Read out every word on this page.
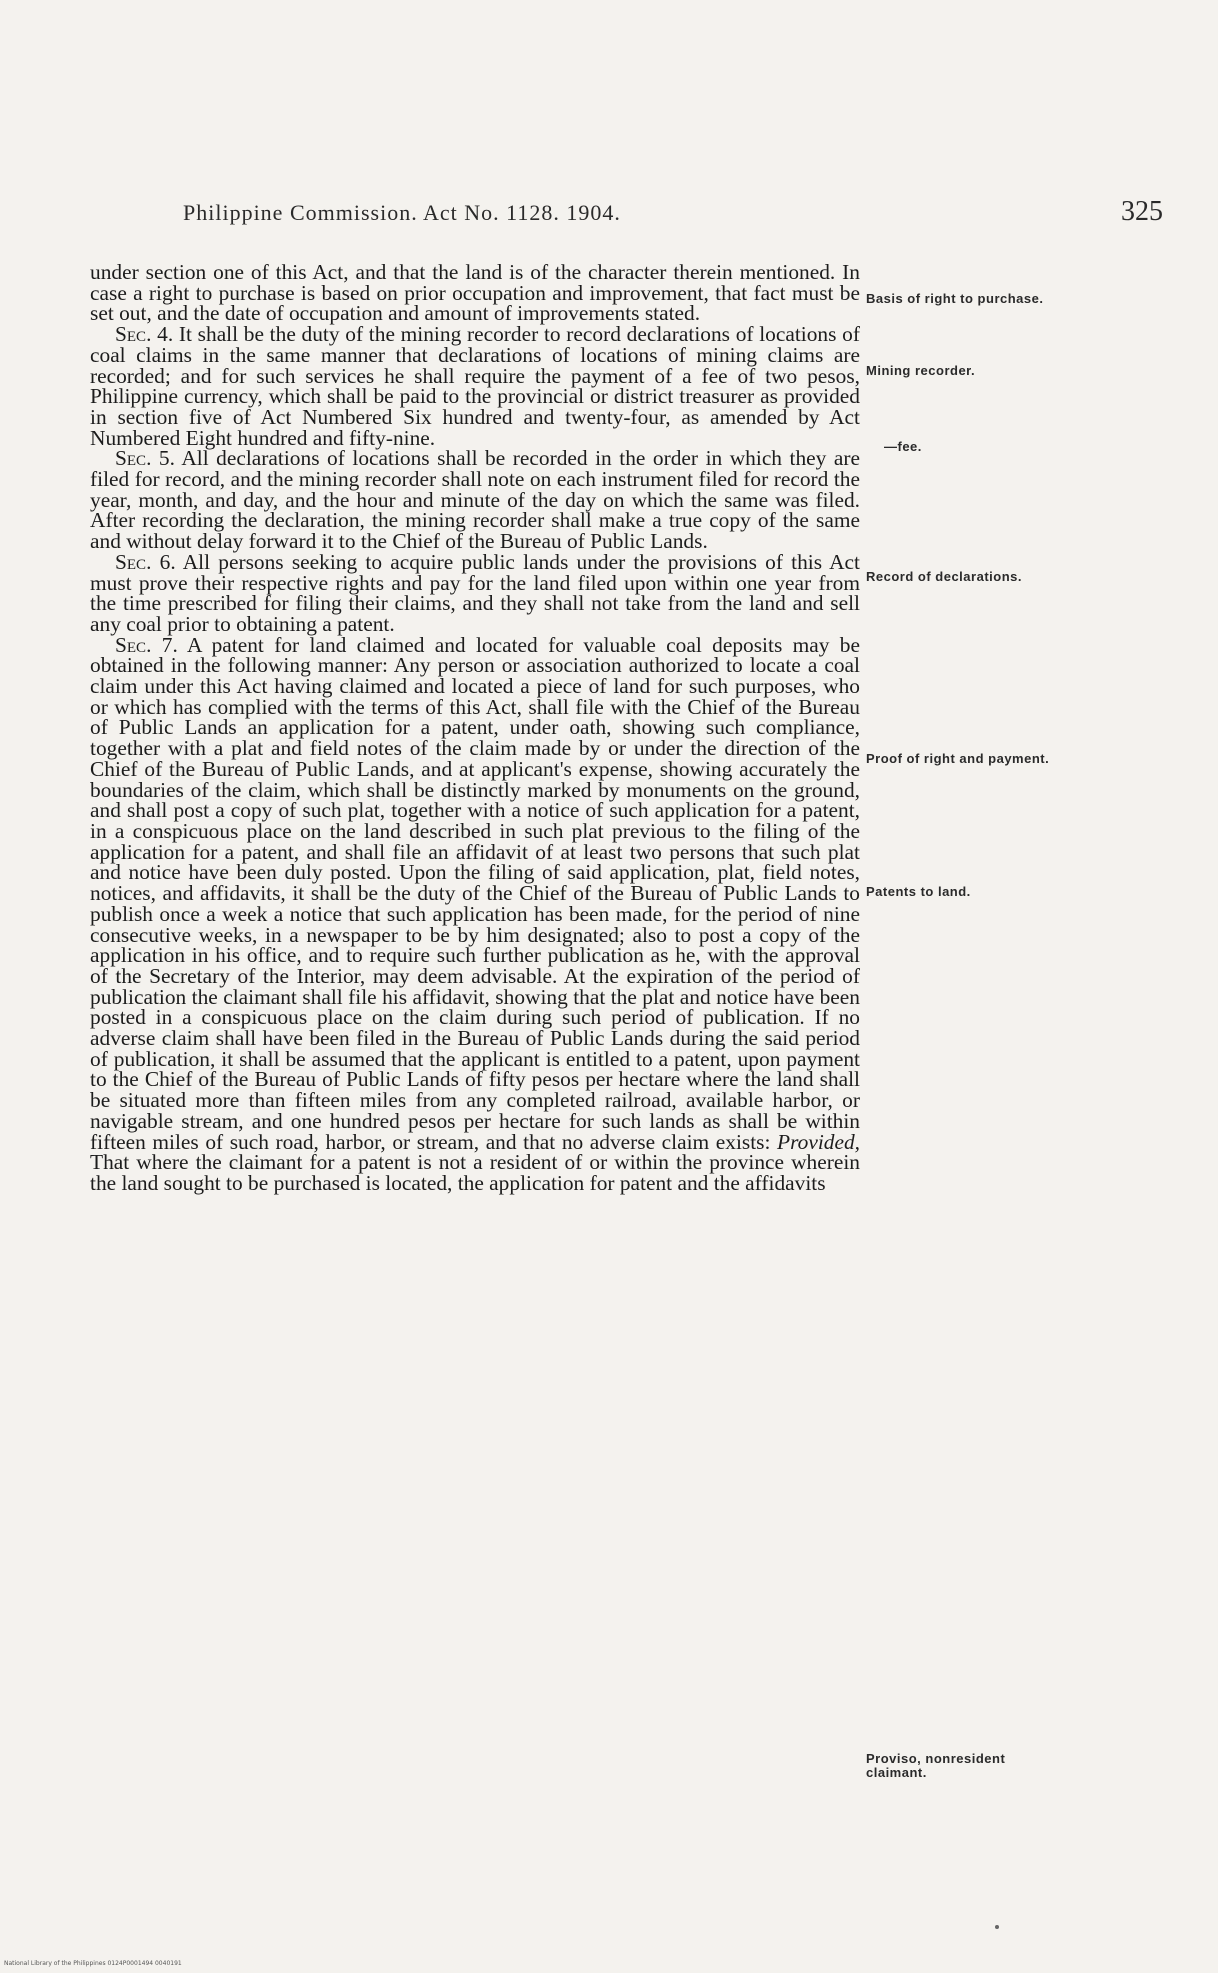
Philippine Commission. Act No. 1128. 1904.	325

under section one of this Act, and that the land is of the character therein mentioned. In case a right to purchase is based on prior occupation and improvement, that fact must be set out, and the date of occupation and amount of improvements stated.

Sec. 4. It shall be the duty of the mining recorder to record declarations of locations of coal claims in the same manner that declarations of locations of mining claims are recorded; and for such services he shall require the payment of a fee of two pesos, Philippine currency, which shall be paid to the provincial or district treasurer as provided in section five of Act Numbered Six hundred and twenty-four, as amended by Act Numbered Eight hundred and fifty-nine.

Sec. 5. All declarations of locations shall be recorded in the order in which they are filed for record, and the mining recorder shall note on each instrument filed for record the year, month, and day, and the hour and minute of the day on which the same was filed. After recording the declaration, the mining recorder shall make a true copy of the same and without delay forward it to the Chief of the Bureau of Public Lands.

Sec. 6. All persons seeking to acquire public lands under the provisions of this Act must prove their respective rights and pay for the land filed upon within one year from the time prescribed for filing their claims, and they shall not take from the land and sell any coal prior to obtaining a patent.

Sec. 7. A patent for land claimed and located for valuable coal deposits may be obtained in the following manner: Any person or association authorized to locate a coal claim under this Act having claimed and located a piece of land for such purposes, who or which has complied with the terms of this Act, shall file with the Chief of the Bureau of Public Lands an application for a patent, under oath, showing such compliance, together with a plat and field notes of the claim made by or under the direction of the Chief of the Bureau of Public Lands, and at applicant's expense, showing accurately the boundaries of the claim, which shall be distinctly marked by monuments on the ground, and shall post a copy of such plat, together with a notice of such application for a patent, in a conspicuous place on the land described in such plat previous to the filing of the application for a patent, and shall file an affidavit of at least two persons that such plat and notice have been duly posted. Upon the filing of said application, plat, field notes, notices, and affidavits, it shall be the duty of the Chief of the Bureau of Public Lands to publish once a week a notice that such application has been made, for the period of nine consecutive weeks, in a newspaper to be by him designated; also to post a copy of the application in his office, and to require such further publication as he, with the approval of the Secretary of the Interior, may deem advisable. At the expiration of the period of publication the claimant shall file his affidavit, showing that the plat and notice have been posted in a conspicuous place on the claim during such period of publication. If no adverse claim shall have been filed in the Bureau of Public Lands during the said period of publication, it shall be assumed that the applicant is entitled to a patent, upon payment to the Chief of the Bureau of Public Lands of fifty pesos per hectare where the land shall be situated more than fifteen miles from any completed railroad, available harbor, or navigable stream, and one hundred pesos per hectare for such lands as shall be within fifteen miles of such road, harbor, or stream, and that no adverse claim exists: Provided, That where the claimant for a patent is not a resident of or within the province wherein the land sought to be purchased is located, the application for patent and the affidavits

Basis of right to purchase.
Mining recorder.
—fee.
Record of declarations.
Proof of right and payment.
Patents to land.
Proviso, nonresident claimant.
National Library of the Philippines 0124P0001494 0040191
